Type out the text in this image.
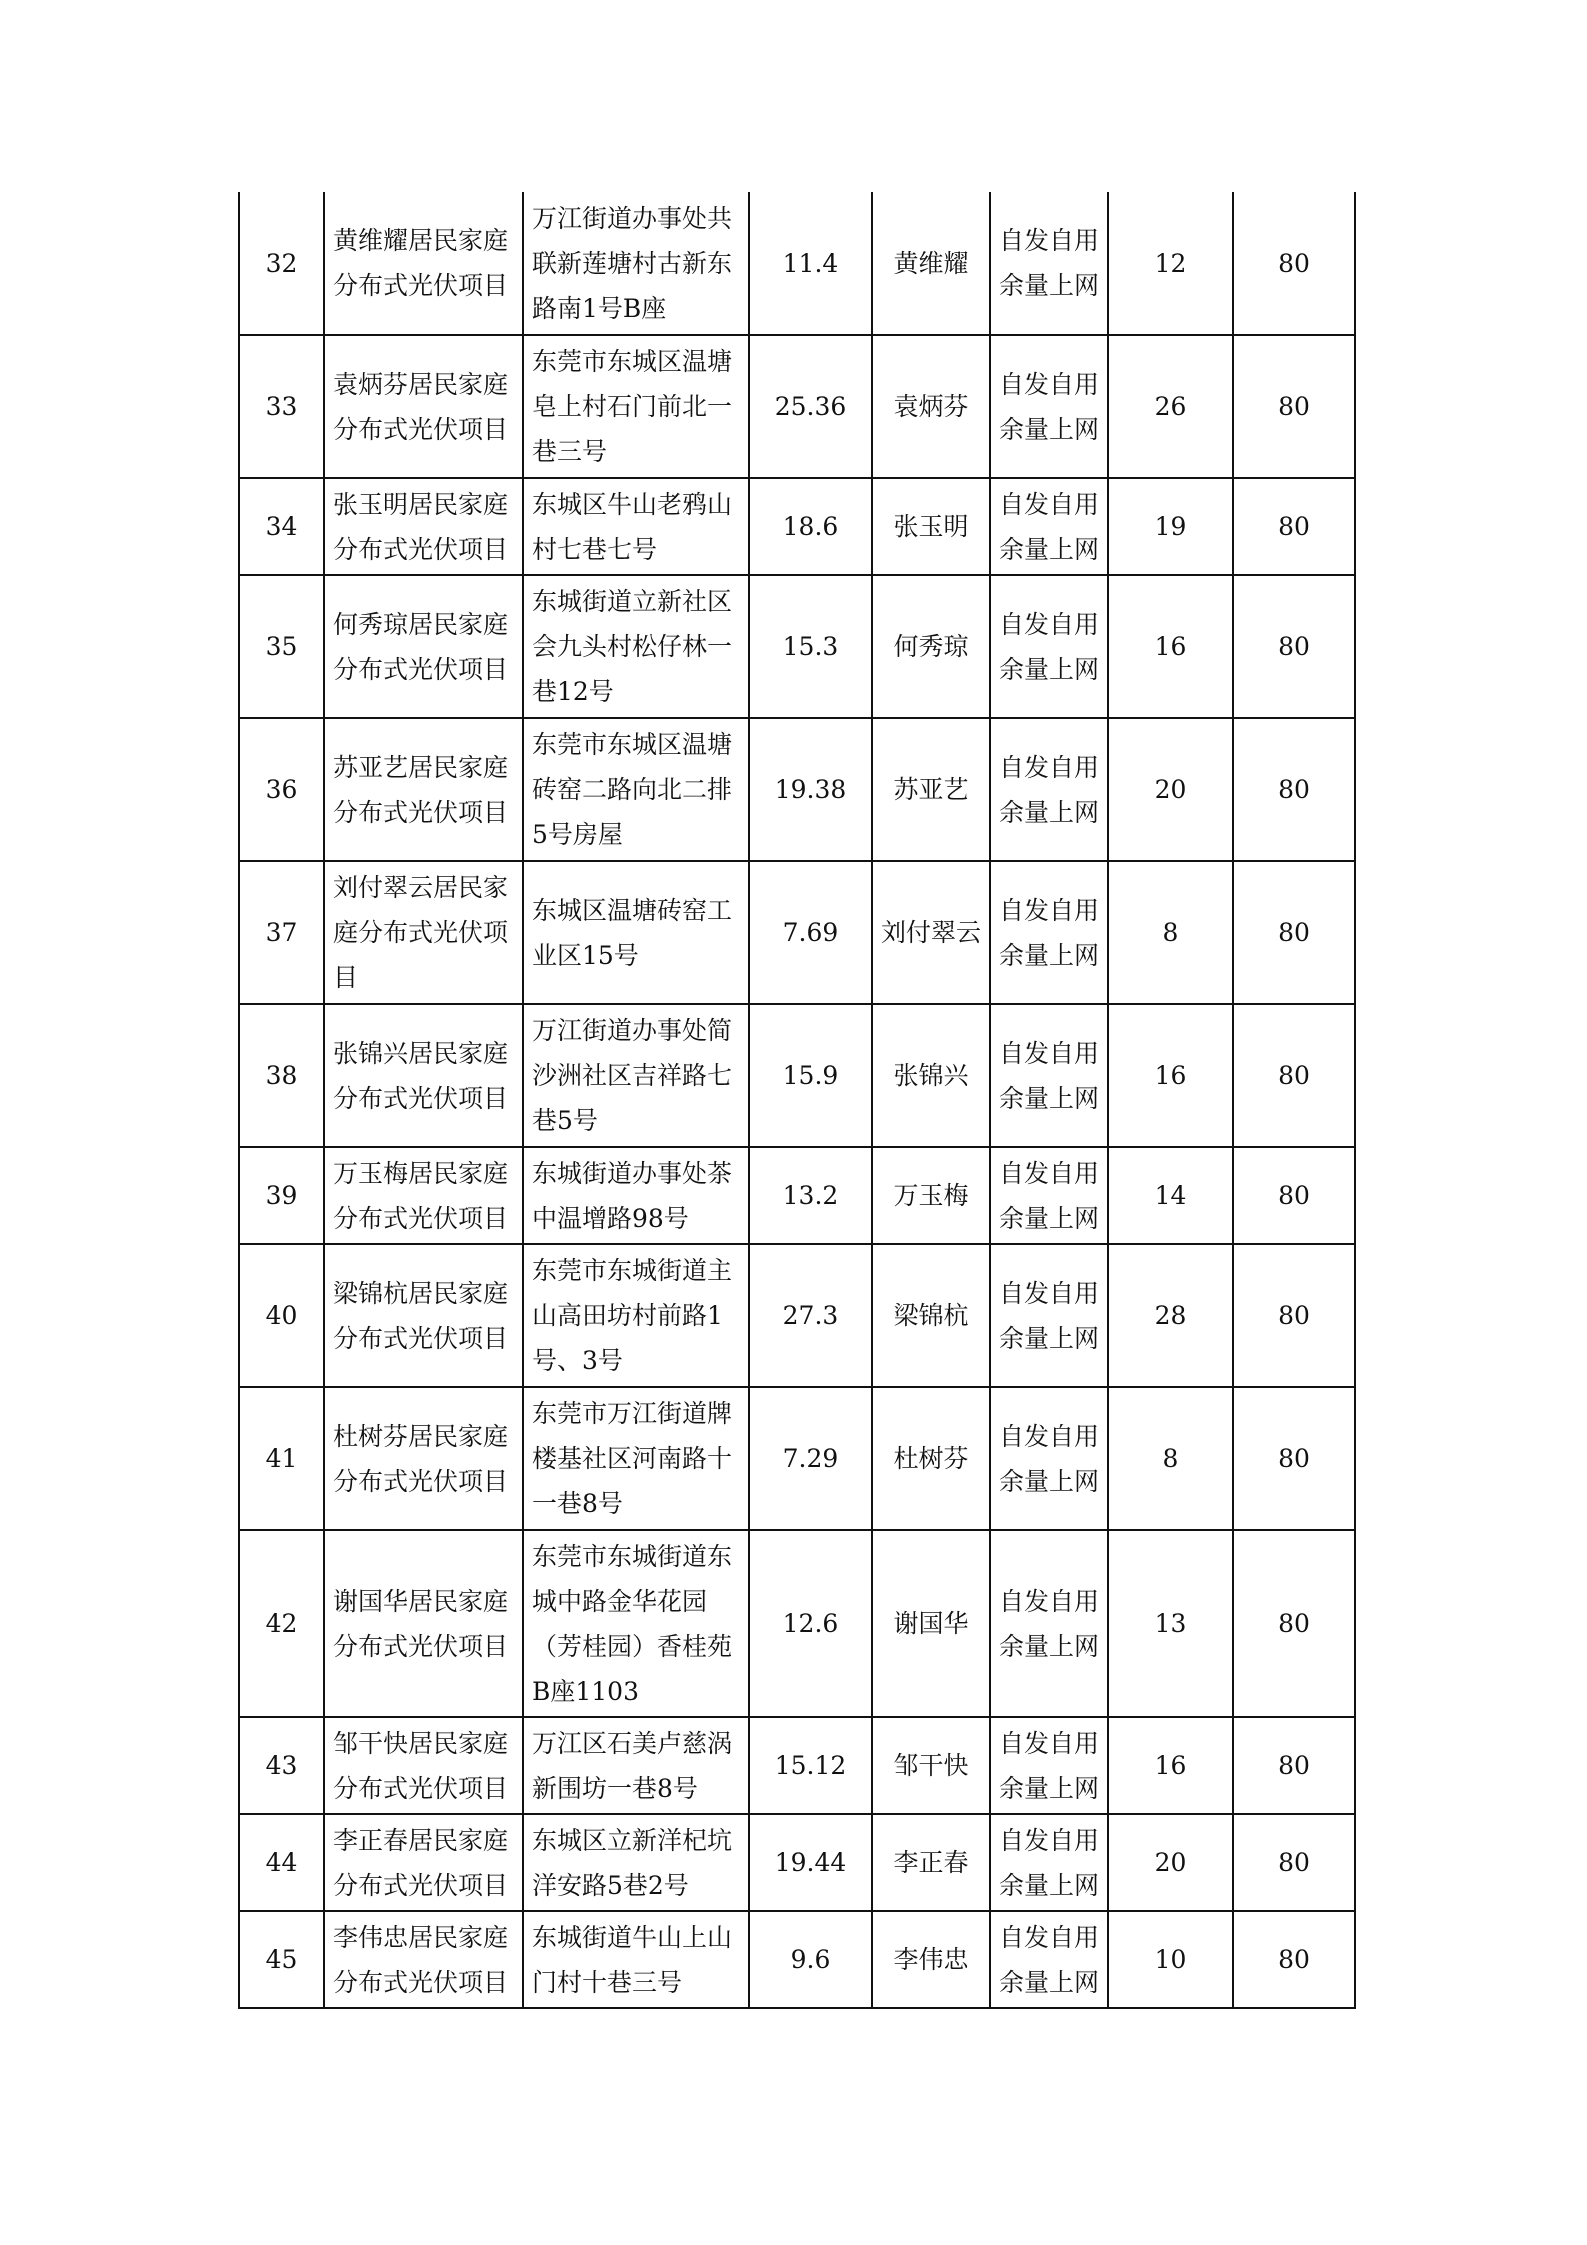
32	黄维耀居民家庭分布式光伏项目	万江街道办事处共联新莲塘村古新东路南1号B座	11.4	黄维耀	自发自用余量上网	12	80
33	袁炳芬居民家庭分布式光伏项目	东莞市东城区温塘皂上村石门前北一巷三号	25.36	袁炳芬	自发自用余量上网	26	80
34	张玉明居民家庭分布式光伏项目	东城区牛山老鸦山村七巷七号	18.6	张玉明	自发自用余量上网	19	80
35	何秀琼居民家庭分布式光伏项目	东城街道立新社区会九头村松仔林一巷12号	15.3	何秀琼	自发自用余量上网	16	80
36	苏亚艺居民家庭分布式光伏项目	东莞市东城区温塘砖窑二路向北二排5号房屋	19.38	苏亚艺	自发自用余量上网	20	80
37	刘付翠云居民家庭分布式光伏项目	东城区温塘砖窑工业区15号	7.69	刘付翠云	自发自用余量上网	8	80
38	张锦兴居民家庭分布式光伏项目	万江街道办事处简沙洲社区吉祥路七巷5号	15.9	张锦兴	自发自用余量上网	16	80
39	万玉梅居民家庭分布式光伏项目	东城街道办事处茶中温增路98号	13.2	万玉梅	自发自用余量上网	14	80
40	梁锦杭居民家庭分布式光伏项目	东莞市东城街道主山高田坊村前路1号、3号	27.3	梁锦杭	自发自用余量上网	28	80
41	杜树芬居民家庭分布式光伏项目	东莞市万江街道牌楼基社区河南路十一巷8号	7.29	杜树芬	自发自用余量上网	8	80
42	谢国华居民家庭分布式光伏项目	东莞市东城街道东城中路金华花园（芳桂园）香桂苑B座1103	12.6	谢国华	自发自用余量上网	13	80
43	邹干快居民家庭分布式光伏项目	万江区石美卢慈涡新围坊一巷8号	15.12	邹干快	自发自用余量上网	16	80
44	李正春居民家庭分布式光伏项目	东城区立新洋杞坑洋安路5巷2号	19.44	李正春	自发自用余量上网	20	80
45	李伟忠居民家庭分布式光伏项目	东城街道牛山上山门村十巷三号	9.6	李伟忠	自发自用余量上网	10	80
